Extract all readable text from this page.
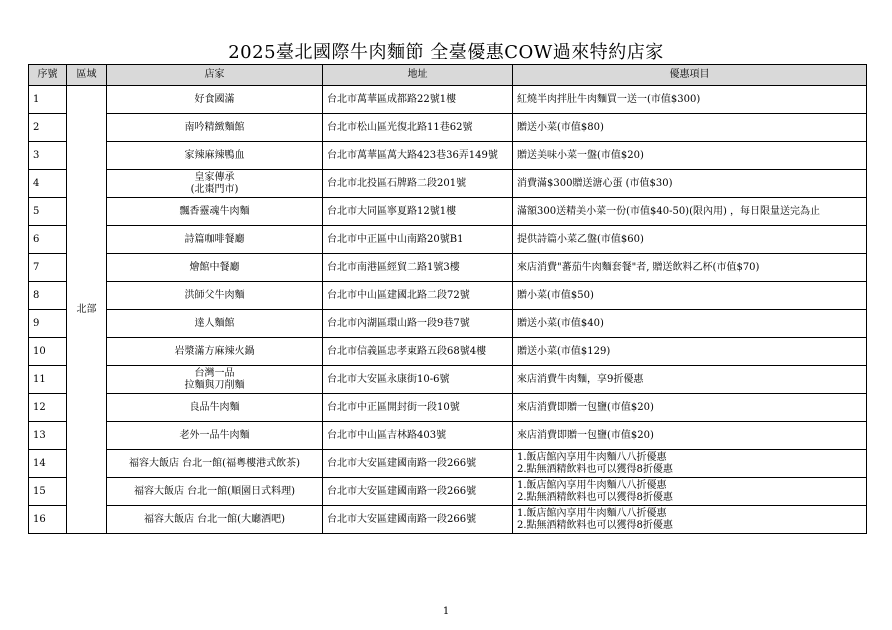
2025臺北國際牛肉麵節 全臺優惠COW過來特約店家
序號	區域	店家	地址	優惠項目
1	北部	好食國滿	台北市萬華區成都路22號1樓	紅燒半肉拌肚牛肉麵買一送一(市值$300)

2		南吟精緻麵館	台北市松山區光復北路11巷62號	贈送小菜(市值$80)

3		家辣麻辣鴨血	台北市萬華區萬大路423巷36弄149號	贈送美味小菜一盤(市值$20)

4		皇家傳承
(北棗門市)	台北市北投區石牌路二段201號	消費滿$300贈送溏心蛋 (市值$30)

5		飄香靈魂牛肉麵	台北市大同區寧夏路12號1樓	滿額300送精美小菜一份(市值$40-50)(限內用) ，每日限量送完為止

6		詩篇咖啡餐廳	台北市中正區中山南路20號B1	提供詩篇小菜乙盤(市值$60)

7		燴館中餐廳	台北市南港區經貿二路1號3樓	來店消費"蕃茄牛肉麵套餐"者, 贈送飲料乙杯(市值$70)

8		洪師父牛肉麵	台北市中山區建國北路二段72號	贈小菜(市值$50)

9		達人麵館	台北市內湖區環山路一段9巷7號	贈送小菜(市值$40)

10		岩漿滿方麻辣火鍋	台北市信義區忠孝東路五段68號4樓	贈送小菜(市值$129)

11		台灣一品
拉麵與刀削麵	台北市大安區永康街10-6號	來店消費牛肉麵，享9折優惠

12		良品牛肉麵	台北市中正區開封街一段10號	來店消費即贈一包鹽(市值$20)

13		老外一品牛肉麵	台北市中山區吉林路403號	來店消費即贈一包鹽(市值$20)

14		福容大飯店 台北一館(福粵樓港式飲茶)	台北市大安區建國南路一段266號	1.飯店館內享用牛肉麵八八折優惠
2.點無酒精飲料也可以獲得8折優惠

15		福容大飯店 台北一館(順園日式料理)	台北市大安區建國南路一段266號	1.飯店館內享用牛肉麵八八折優惠
2.點無酒精飲料也可以獲得8折優惠

16		福容大飯店 台北一館(大廳酒吧)	台北市大安區建國南路一段266號	1.飯店館內享用牛肉麵八八折優惠
2.點無酒精飲料也可以獲得8折優惠
1
